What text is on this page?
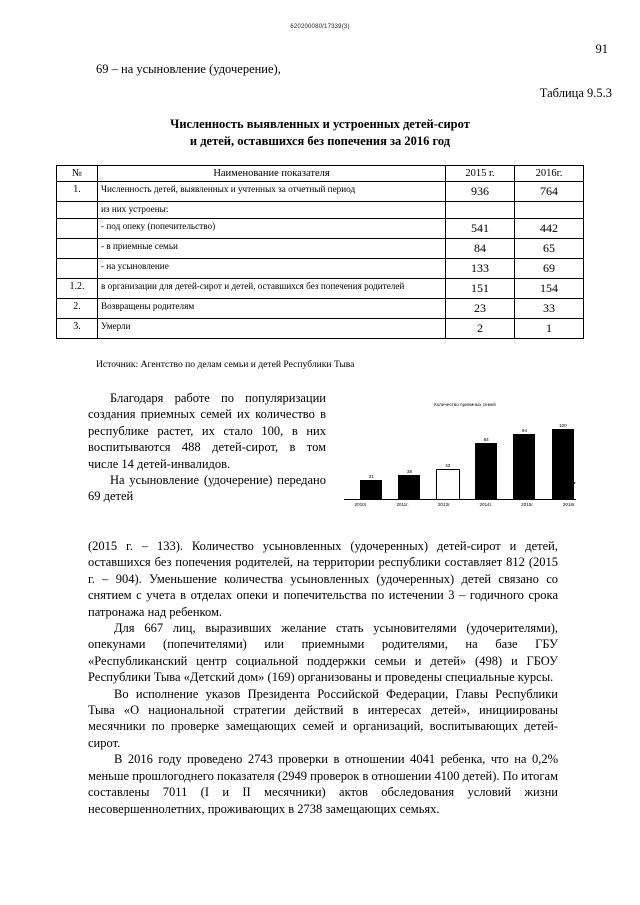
620200080/17339(3)
91
69 – на усыновление (удочерение),
Таблица 9.5.3
Численность выявленных и устроенных детей-сирот
и детей, оставшихся без попечения за 2016 год
№	Наименование показателя	2015 г.	2016г.
1.	Численность детей, выявленных и учтенных за отчетный период	936	764
	из них устроены:		
	- под опеку (попечительство)	541	442
	- в приемные семьи	84	65
	- на усыновление	133	69
1.2.	в организации для детей-сирот и детей, оставшихся без попечения родителей	151	154
2.	Возвращены родителям	23	33
3.	Умерли	2	1
Источник: Агентство по делам семьи и детей Республики Тыва
Количество приемных семей
31
38
43
84
94
100
2010г.	2011г.	2013г.	2014г.	2015г.	2016г.

Благодаря работе по популяризации создания приемных семей их количество в республике растет, их стало 100, в них воспитываются 488 детей-сирот, в том числе 14 детей-инвалидов.

На усыновление (удочерение) передано 69 детей

(2015 г. – 133). Количество усыновленных (удочеренных) детей-сирот и детей, оставшихся без попечения родителей, на территории республики составляет 812 (2015 г. – 904). Уменьшение количества усыновленных (удочеренных) детей связано со снятием с учета в отделах опеки и попечительства по истечении 3 – годичного срока патронажа над ребенком.

Для 667 лиц, выразивших желание стать усыновителями (удочерителями), опекунами (попечителями) или приемными родителями, на базе ГБУ «Республиканский центр социальной поддержки семьи и детей» (498) и ГБОУ Республики Тыва «Детский дом» (169) организованы и проведены специальные курсы.

Во исполнение указов Президента Российской Федерации, Главы Республики Тыва «О национальной стратегии действий в интересах детей», инициированы месячники по проверке замещающих семей и организаций, воспитывающих детей-сирот.

В 2016 году проведено 2743 проверки в отношении 4041 ребенка, что на 0,2% меньше прошлогоднего показателя (2949 проверок в отношении 4100 детей). По итогам составлены 7011 (I и II месячники) актов обследования условий жизни несовершеннолетних, проживающих в 2738 замещающих семьях.
